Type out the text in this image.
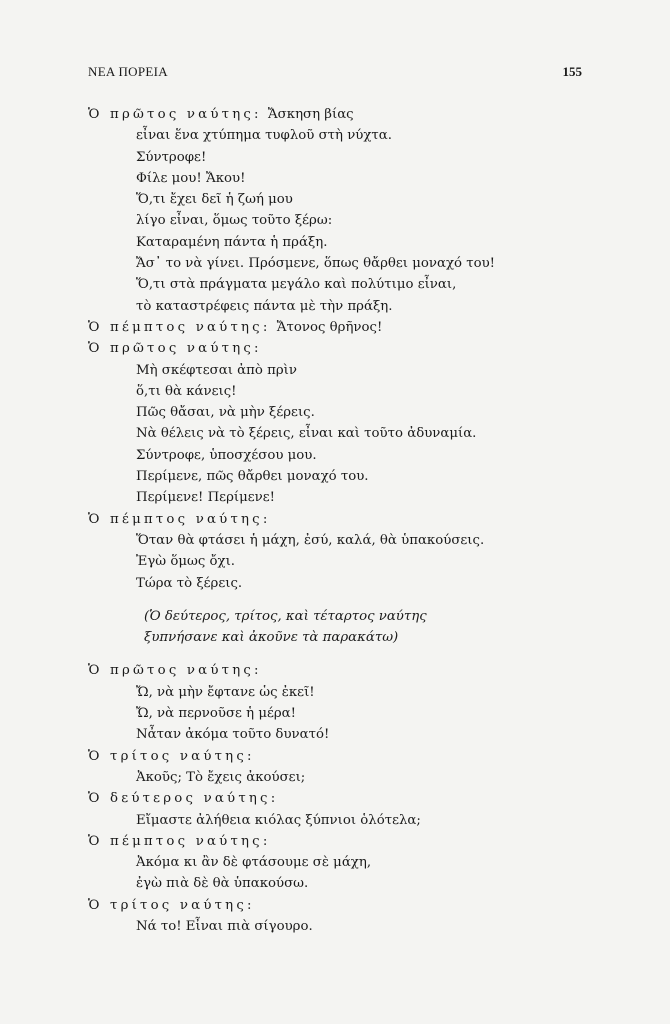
ΝΕΑ ΠΟΡΕΙΑ	155
Ὁ πρῶτος ναύτης: Ἄσκηση βίας
εἶναι ἕνα χτύπημα τυφλοῦ στὴ νύχτα.
Σύντροφε!
Φίλε μου! Ἄκου!
Ὅ,τι ἔχει δεῖ ἡ ζωή μου
λίγο εἶναι, ὅμως τοῦτο ξέρω:
Καταραμένη πάντα ἡ πράξη.
Ἄσ᾽ το νὰ γίνει. Πρόσμενε, ὅπως θἄρθει μοναχό του!
Ὅ,τι στὰ πράγματα μεγάλο καὶ πολύτιμο εἶναι,
τὸ καταστρέφεις πάντα μὲ τὴν πράξη.
Ὁ πέμπτος ναύτης: Ἄτονος θρῆνος!
Ὁ πρῶτος ναύτης:
Μὴ σκέφτεσαι ἀπὸ πρὶν
ὅ,τι θὰ κάνεις!
Πῶς θἄσαι, νὰ μὴν ξέρεις.
Νὰ θέλεις νὰ τὸ ξέρεις, εἶναι καὶ τοῦτο ἀδυναμία.
Σύντροφε, ὑποσχέσου μου.
Περίμενε, πῶς θἄρθει μοναχό του.
Περίμενε! Περίμενε!
Ὁ πέμπτος ναύτης:
Ὅταν θὰ φτάσει ἡ μάχη, ἐσύ, καλά, θὰ ὑπακούσεις.
Ἐγὼ ὅμως ὄχι.
Τώρα τὸ ξέρεις.
(Ὁ δεύτερος, τρίτος, καὶ τέταρτος ναύτης
ξυπνήσανε καὶ ἀκοῦνε τὰ παρακάτω)
Ὁ πρῶτος ναύτης:
Ὤ, νὰ μὴν ἔφτανε ὡς ἐκεῖ!
Ὤ, νὰ περνοῦσε ἡ μέρα!
Νἆταν ἀκόμα τοῦτο δυνατό!
Ὁ τρίτος ναύτης:
Ἀκοῦς; Τὸ ἔχεις ἀκούσει;
Ὁ δεύτερος ναύτης:
Εἴμαστε ἀλήθεια κιόλας ξύπνιοι ὁλότελα;
Ὁ πέμπτος ναύτης:
Ἀκόμα κι ἂν δὲ φτάσουμε σὲ μάχη,
ἐγὼ πιὰ δὲ θὰ ὑπακούσω.
Ὁ τρίτος ναύτης:
Νά το! Εἶναι πιὰ σίγουρο.
